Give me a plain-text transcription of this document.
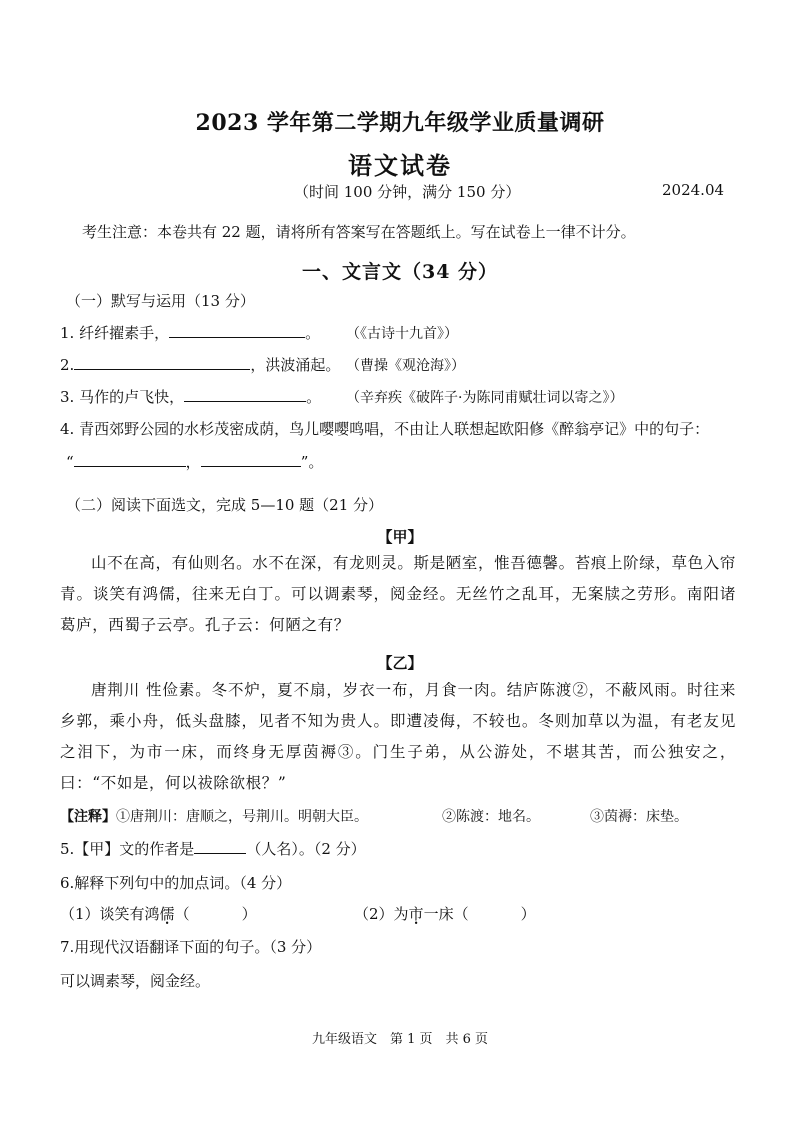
2023 学年第二学期九年级学业质量调研
语文试卷
（时间 100 分钟，满分 150 分）	2024.04
考生注意：本卷共有 22 题，请将所有答案写在答题纸上。写在试卷上一律不计分。
一、文言文（34 分）
（一）默写与运用（13 分）
1. 纤纤擢素手，	。 （《古诗十九首》）
2.	，洪波涌起。 （曹操《观沧海》）
3. 马作的卢飞快，	。 （辛弃疾《破阵子·为陈同甫赋壮词以寄之》）
4. 青西郊野公园的水杉茂密成荫，鸟儿嘤嘤鸣唱，不由让人联想起欧阳修《醉翁亭记》中的句子：
“	，	”。
（二）阅读下面选文，完成 5—10 题（21 分）
【甲】
山不在高，有仙则名。水不在深，有龙则灵。斯是陋室，惟吾德馨。苔痕上阶绿，草色入帘青。谈笑有鸿儒，往来无白丁。可以调素琴，阅金经。无丝竹之乱耳，无案牍之劳形。南阳诸葛庐，西蜀子云亭。孔子云：何陋之有？
【乙】
唐荆川 性俭素。冬不炉，夏不扇，岁衣一布，月食一肉。结庐陈渡②，不蔽风雨。时往来乡郭，乘小舟，低头盘膝，见者不知为贵人。即遭凌侮，不较也。冬则加草以为温，有老友见之泪下，为市一床，而终身无厚茵褥③。门生子弟，从公游处，不堪其苦，而公独安之，曰：“不如是，何以祓除欲根？”
【注释】①唐荆川：唐顺之，号荆川。明朝大臣。	②陈渡：地名。	③茵褥：床垫。
5.【甲】文的作者是	（人名）。（2 分）
6.解释下列句中的加点词。（4 分）
（1）谈笑有鸿儒（	）	（2）为市一床（	）
7.用现代汉语翻译下面的句子。（3 分）
可以调素琴，阅金经。
九年级语文　第 1 页　共 6 页
